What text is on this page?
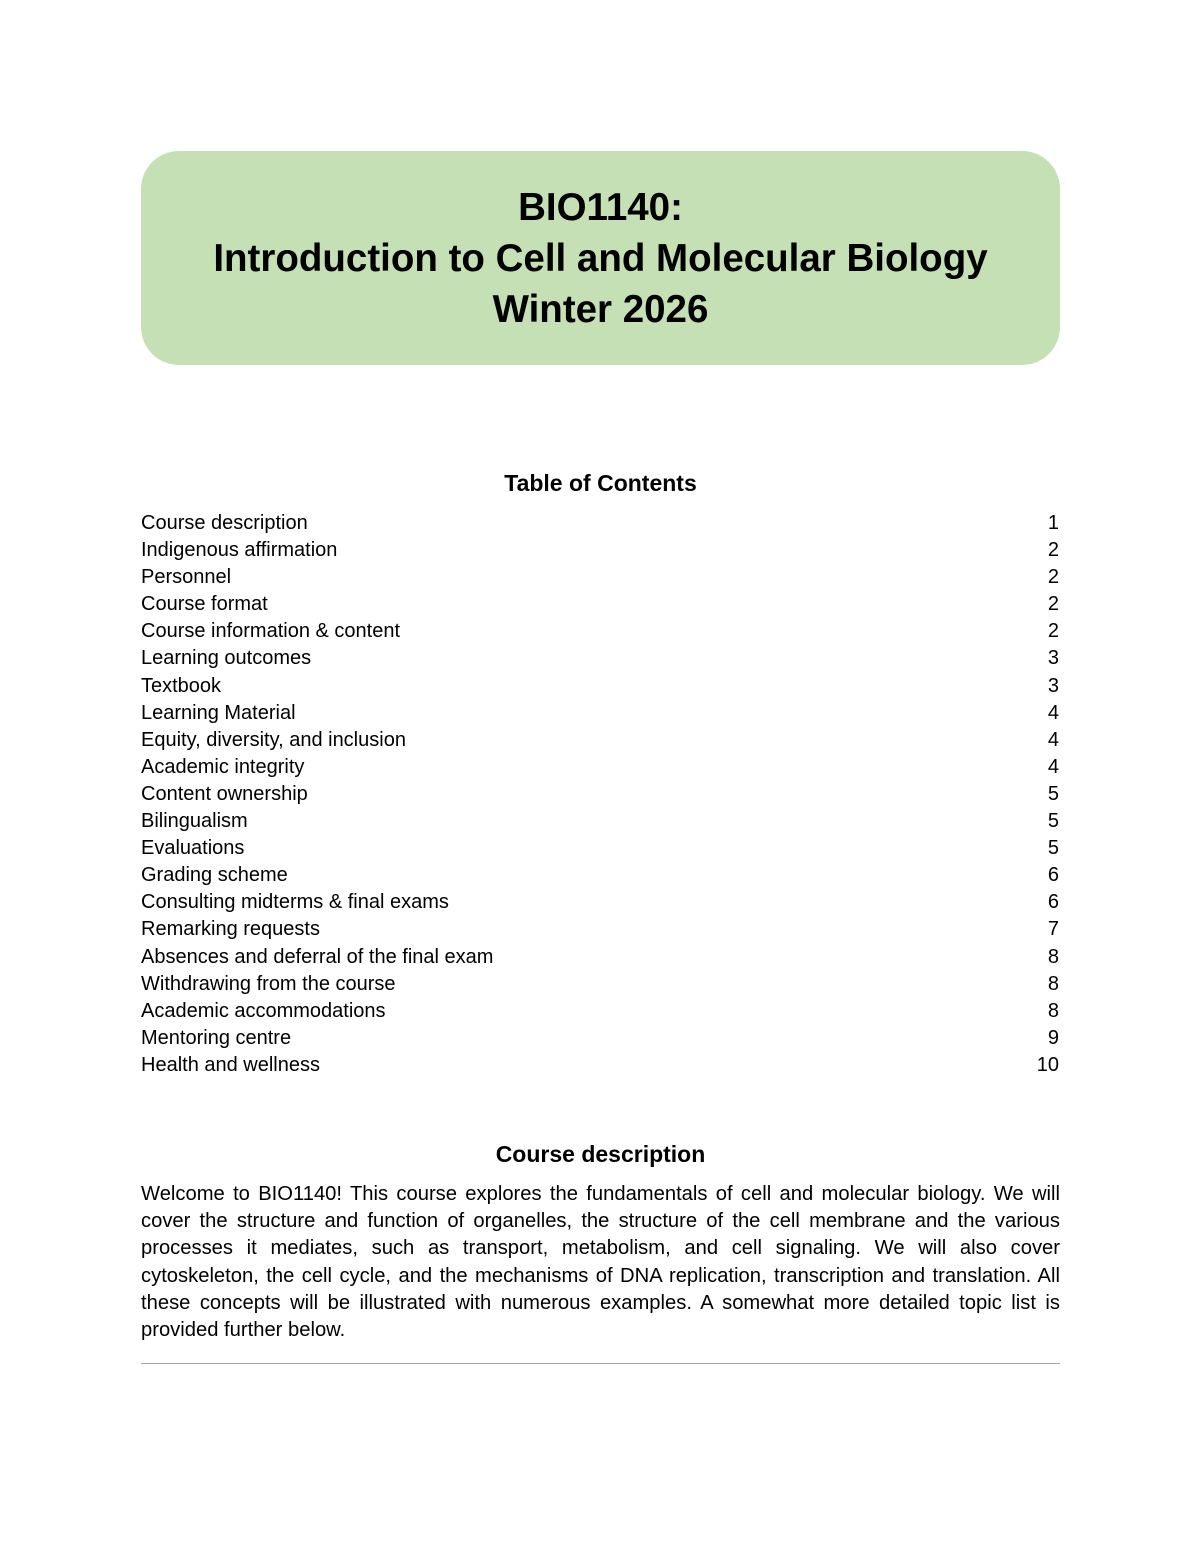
BIO1140:
Introduction to Cell and Molecular Biology
Winter 2026
Table of Contents
Course description	1
Indigenous affirmation	2
Personnel	2
Course format	2
Course information & content	2
Learning outcomes	3
Textbook	3
Learning Material	4
Equity, diversity, and inclusion	4
Academic integrity	4
Content ownership	5
Bilingualism	5
Evaluations	5
Grading scheme	6
Consulting midterms & final exams	6
Remarking requests	7
Absences and deferral of the final exam	8
Withdrawing from the course	8
Academic accommodations	8
Mentoring centre	9
Health and wellness	10
Course description

Welcome to BIO1140! This course explores the fundamentals of cell and molecular biology. We will cover the structure and function of organelles, the structure of the cell membrane and the various processes it mediates, such as transport, metabolism, and cell signaling. We will also cover cytoskeleton, the cell cycle, and the mechanisms of DNA replication, transcription and translation. All these concepts will be illustrated with numerous examples. A somewhat more detailed topic list is provided further below.
